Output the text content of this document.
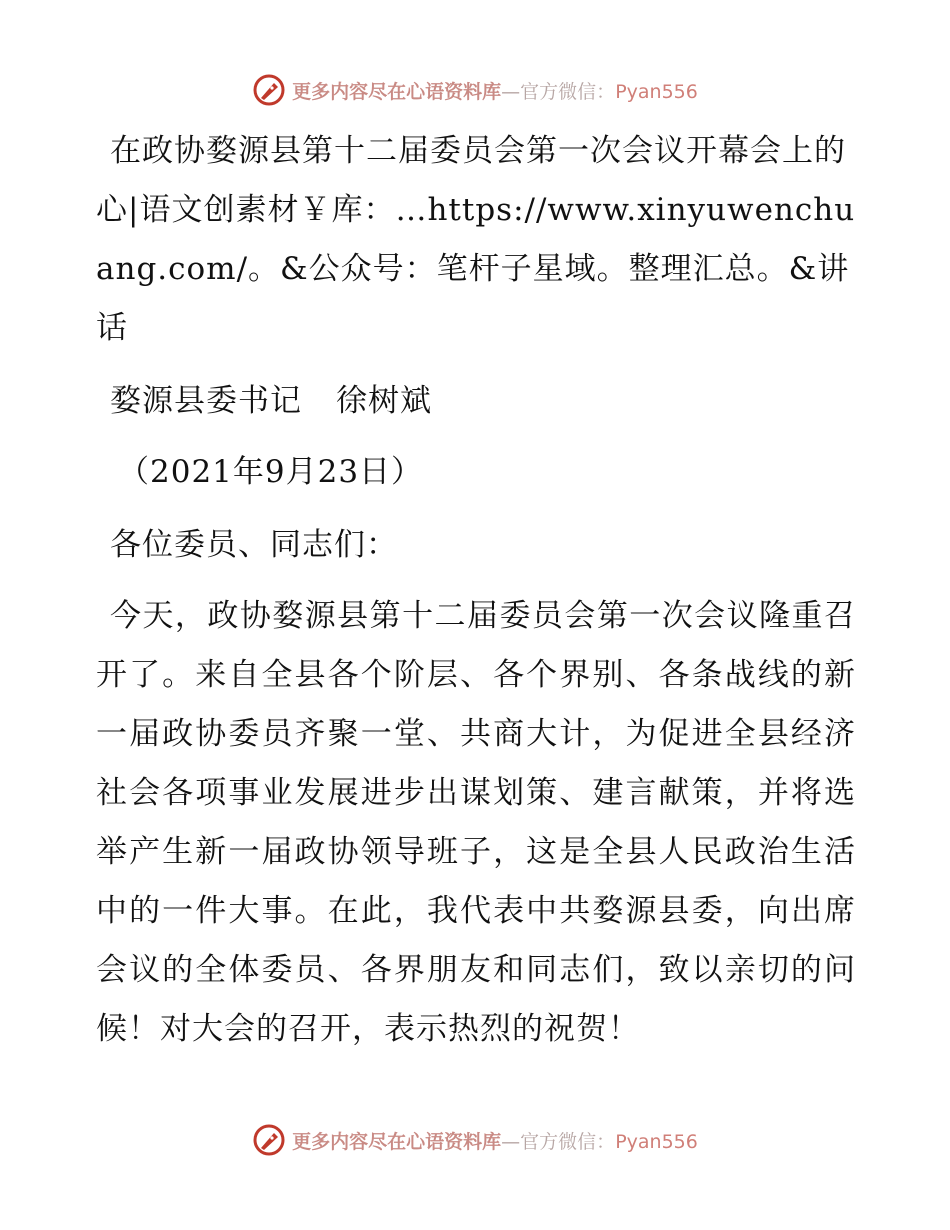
更多内容尽在心语资料库—官方微信：Pyan556

在政协婺源县第十二届委员会第一次会议开幕会上的心|语文创素材￥库：…https://www.xinyuwenchuang.com/。&公众号：笔杆子星域。整理汇总。&讲话

婺源县委书记 徐树斌

（2021年9月23日）

各位委员、同志们：

今天，政协婺源县第十二届委员会第一次会议隆重召开了。来自全县各个阶层、各个界别、各条战线的新一届政协委员齐聚一堂、共商大计，为促进全县经济社会各项事业发展进步出谋划策、建言献策，并将选举产生新一届政协领导班子，这是全县人民政治生活中的一件大事。在此，我代表中共婺源县委，向出席会议的全体委员、各界朋友和同志们，致以亲切的问候！对大会的召开，表示热烈的祝贺！

更多内容尽在心语资料库—官方微信：Pyan556
